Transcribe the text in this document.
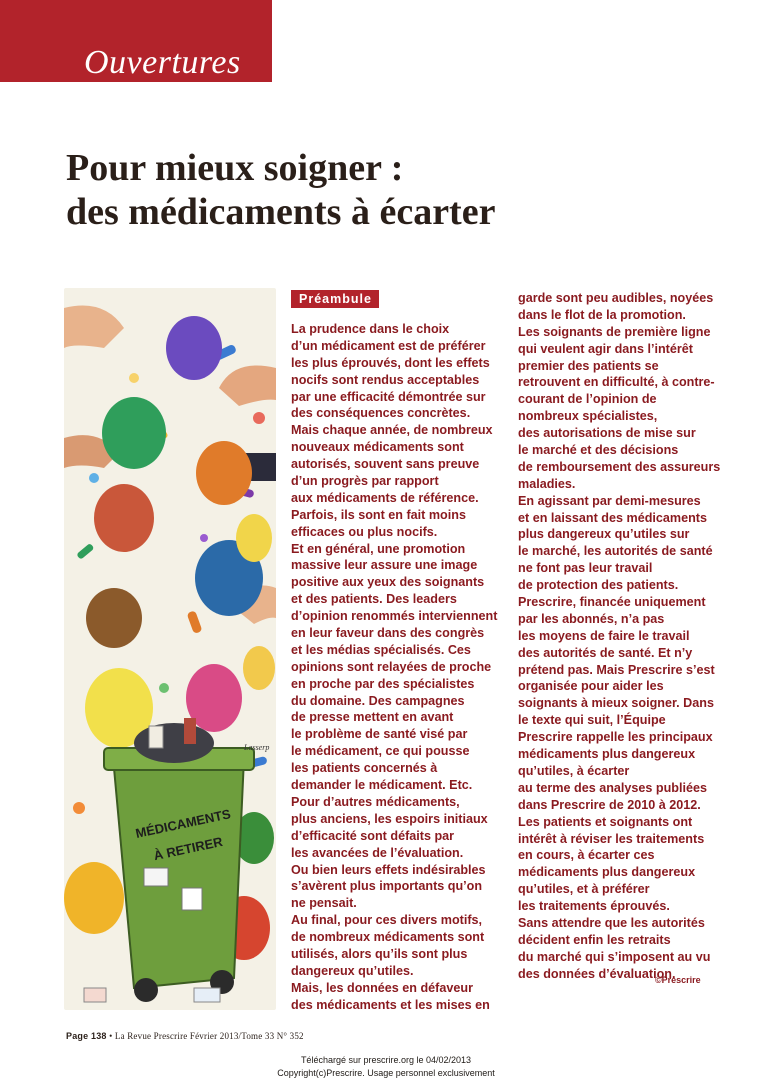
Ouvertures
Pour mieux soigner :
des médicaments à écarter
MÉDICAMENTS
À RETIRER
Lasserp
Préambule
La prudence dans le choix
d’un médicament est de préférer
les plus éprouvés, dont les effets
nocifs sont rendus acceptables
par une efficacité démontrée sur
des conséquences concrètes.
Mais chaque année, de nombreux
nouveaux médicaments sont
autorisés, souvent sans preuve
d’un progrès par rapport
aux médicaments de référence.
Parfois, ils sont en fait moins
efficaces ou plus nocifs.
Et en général, une promotion
massive leur assure une image
positive aux yeux des soignants
et des patients. Des leaders
d’opinion renommés interviennent
en leur faveur dans des congrès
et les médias spécialisés. Ces
opinions sont relayées de proche
en proche par des spécialistes
du domaine. Des campagnes
de presse mettent en avant
le problème de santé visé par
le médicament, ce qui pousse
les patients concernés à
demander le médicament. Etc.
Pour d’autres médicaments,
plus anciens, les espoirs initiaux
d’efficacité sont défaits par
les avancées de l’évaluation.
Ou bien leurs effets indésirables
s’avèrent plus importants qu’on
ne pensait.
Au final, pour ces divers motifs,
de nombreux médicaments sont
utilisés, alors qu’ils sont plus
dangereux qu’utiles.
Mais, les données en défaveur
des médicaments et les mises en
garde sont peu audibles, noyées
dans le flot de la promotion.
Les soignants de première ligne
qui veulent agir dans l’intérêt
premier des patients se
retrouvent en difficulté, à contre-
courant de l’opinion de
nombreux spécialistes,
des autorisations de mise sur
le marché et des décisions
de remboursement des assureurs
maladies.
En agissant par demi-mesures
et en laissant des médicaments
plus dangereux qu’utiles sur
le marché, les autorités de santé
ne font pas leur travail
de protection des patients.
Prescrire, financée uniquement
par les abonnés, n’a pas
les moyens de faire le travail
des autorités de santé. Et n’y
prétend pas. Mais Prescrire s’est
organisée pour aider les
soignants à mieux soigner. Dans
le texte qui suit, l’Équipe
Prescrire rappelle les principaux
médicaments plus dangereux
qu’utiles, à écarter
au terme des analyses publiées
dans Prescrire de 2010 à 2012.
Les patients et soignants ont
intérêt à réviser les traitements
en cours, à écarter ces
médicaments plus dangereux
qu’utiles, et à préférer
les traitements éprouvés.
Sans attendre que les autorités
décident enfin les retraits
du marché qui s’imposent au vu
des données d’évaluation.
©Prescrire
Page 138 • La Revue Prescrire Février 2013/Tome 33 N° 352
Téléchargé sur prescrire.org le 04/02/2013
Copyright(c)Prescrire. Usage personnel exclusivement
